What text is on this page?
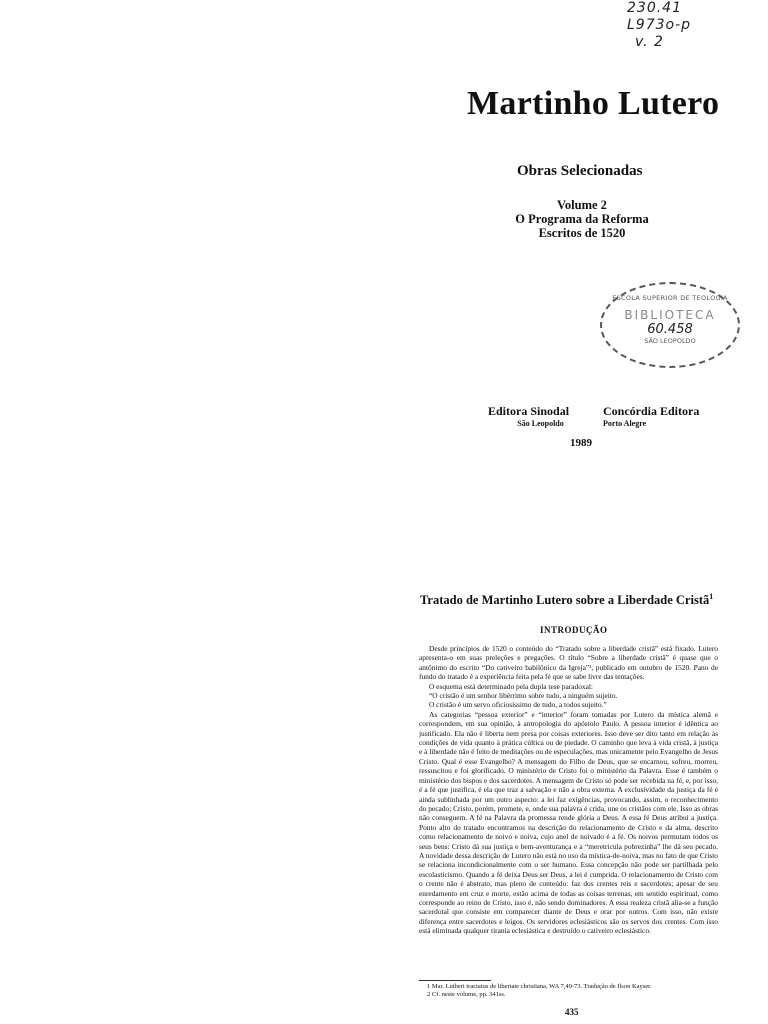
230.41
L973o-p
v. 2
Martinho Lutero
Obras Selecionadas
Volume 2
O Programa da Reforma
Escritos de 1520
ESCOLA SUPERIOR DE TEOLOGIA
BIBLIOTECA
60.458
SÃO LEOPOLDO
Editora Sinodal
São Leopoldo
Concórdia Editora
Porto Alegre
1989
Tratado de Martinho Lutero sobre a Liberdade Cristã$^1$
INTRODUÇÃO

Desde princípios de 1520 o conteúdo do “Tratado sobre a liberdade cristã” está fixado. Lutero apresenta-o em suas preleções e pregações. O título “Sobre a liberdade cristã” é quase que o antônimo do escrito “Do cativeiro babilônico da Igreja”², publicado em outubro de 1520. Pano de fundo do tratado é a experiência feita pela fé que se sabe livre das tentações.

O esquema está determinado pela dupla tese paradoxal:

“O cristão é um senhor libérrimo sobre tudo, a ninguém sujeito.

O cristão é um servo oficiosíssimo de tudo, a todos sujeito.”

As categorias “pessoa exterior” e “interior” foram tomadas por Lutero da mística alemã e correspondem, em sua opinião, à antropologia do apóstolo Paulo. A pessoa interior é idêntica ao justificado. Ela não é liberta nem presa por coisas exteriores. Isso deve ser dito tanto em relação às condições de vida quanto à prática cúltica ou de piedade. O caminho que leva à vida cristã, à justiça e à liberdade não é feito de meditações ou de especulações, mas unicamente pelo Evangelho de Jesus Cristo. Qual é esse Evangelho? A mensagem do Filho de Deus, que se encarnou, sofreu, morreu, ressuscitou e foi glorificado. O ministério de Cristo foi o ministério da Palavra. Esse é também o ministério dos bispos e dos sacerdotes. A mensagem de Cristo só pode ser recebida na fé, e, por isso, é a fé que justifica, é ela que traz a salvação e não a obra externa. A exclusividade da justiça da fé é ainda sublinhada por um outro aspecto: a lei faz exigências, provocando, assim, o reconhecimento do pecado; Cristo, porém, promete, e, onde sua palavra é crida, une os cristãos com ele. Isso as obras não conseguem. A fé na Palavra da promessa rende glória a Deus. A essa fé Deus atribui a justiça. Ponto alto do tratado encontramos na descrição do relacionamento de Cristo e da alma, descrito como relacionamento de noivo e noiva, cujo anel de noivado é a fé. Os noivos permutam todos os seus bens: Cristo dá sua justiça e bem-aventurança e a “meretriculа pobrezinha” lhe dá seu pecado. A novidade dessa descrição de Lutero não está no uso da mística-de-noiva, mas no fato de que Cristo se relaciona incondicionalmente com o ser humano. Essa concepção não pode ser partilhada pelo escolasticismo. Quando a fé deixa Deus ser Deus, a lei é cumprida. O relacionamento de Cristo com o crente não é abstrato, mas pleno de conteúdo: faz dos crentes reis e sacerdotes; apesar de seu enredamento em cruz e morte, estão acima de todas as coisas terrenas, em sentido espiritual, como corresponde ao reino de Cristo, isso é, não sendo dominadores. A essa realeza cristã alia-se a função sacerdotal que consiste em comparecer diante de Deus e orar por outros. Com isso, não existe diferença entre sacerdotes e leigos. Os servidores eclesiásticos são os servos dos crentes. Com isso está eliminada qualquer tirania eclesiástica e destruído o cativeiro eclesiástico.

1 Mar. Lutheri tractatus de libertate christiana, WA 7,49-73. Tradução de Ilson Kayser.
2 Cf. neste volume, pp. 341ss.
435
